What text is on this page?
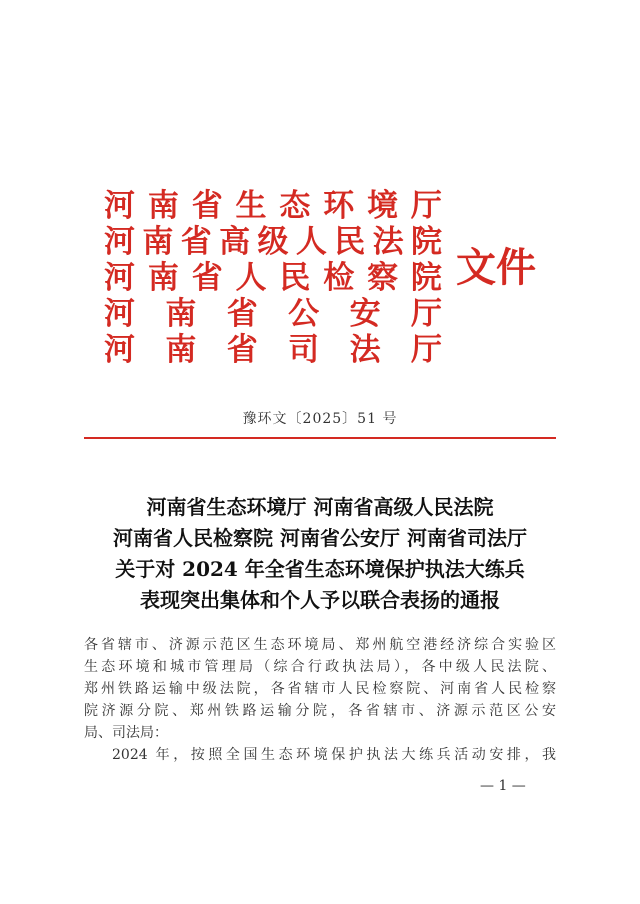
河 南 省 生 态 环 境 厅
河 南 省 高 级 人 民 法 院
河 南 省 人 民 检 察 院
河 南 省 公 安 厅
河 南 省 司 法 厅
文件
豫环文〔2025〕51 号
河南省生态环境厅 河南省高级人民法院
河南省人民检察院 河南省公安厅 河南省司法厅
关于对 2024 年全省生态环境保护执法大练兵
表现突出集体和个人予以联合表扬的通报
各省辖市、济源示范区生态环境局、郑州航空港经济综合实验区
生态环境和城市管理局（综合行政执法局），各中级人民法院、
郑州铁路运输中级法院，各省辖市人民检察院、河南省人民检察
院济源分院、郑州铁路运输分院，各省辖市、济源示范区公安
局、司法局：
2024 年，按照全国生态环境保护执法大练兵活动安排，我
— 1 —
